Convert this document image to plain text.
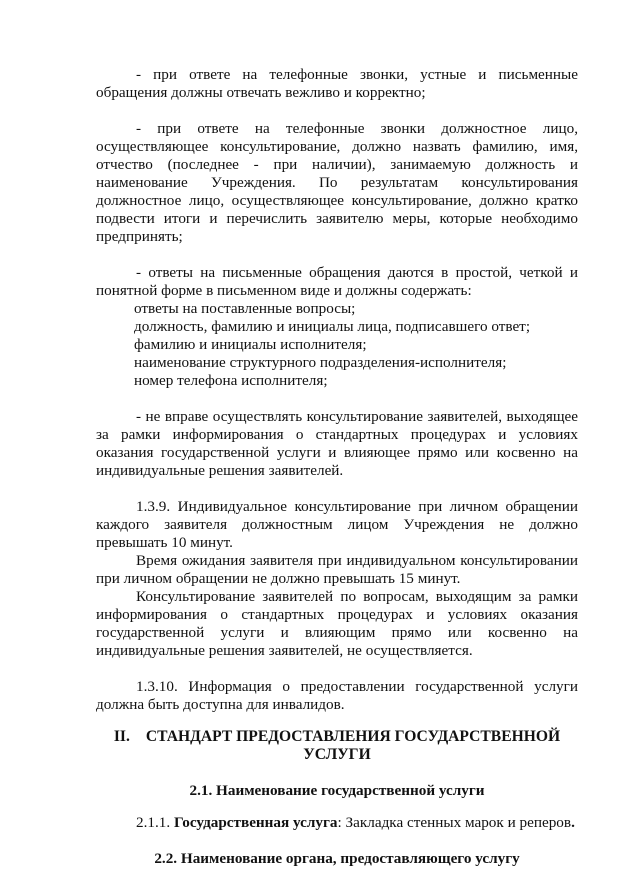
- при ответе на телефонные звонки, устные и письменные обращения должны отвечать вежливо и корректно;

- при ответе на телефонные звонки должностное лицо, осуществляющее консультирование, должно назвать фамилию, имя, отчество (последнее - при наличии), занимаемую должность и наименование Учреждения. По результатам консультирования должностное лицо, осуществляющее консультирование, должно кратко подвести итоги и перечислить заявителю меры, которые необходимо предпринять;

- ответы на письменные обращения даются в простой, четкой и понятной форме в письменном виде и должны содержать:

ответы на поставленные вопросы;

должность, фамилию и инициалы лица, подписавшего ответ;

фамилию и инициалы исполнителя;

наименование структурного подразделения-исполнителя;

номер телефона исполнителя;

- не вправе осуществлять консультирование заявителей, выходящее за рамки информирования о стандартных процедурах и условиях оказания государственной услуги и влияющее прямо или косвенно на индивидуальные решения заявителей.

1.3.9. Индивидуальное консультирование при личном обращении каждого заявителя должностным лицом Учреждения не должно превышать 10 минут.

Время ожидания заявителя при индивидуальном консультировании при личном обращении не должно превышать 15 минут.

Консультирование заявителей по вопросам, выходящим за рамки информирования о стандартных процедурах и условиях оказания государственной услуги и влияющим прямо или косвенно на индивидуальные решения заявителей, не осуществляется.

1.3.10. Информация о предоставлении государственной услуги должна быть доступна для инвалидов.

II. СТАНДАРТ ПРЕДОСТАВЛЕНИЯ ГОСУДАРСТВЕННОЙ

УСЛУГИ

2.1. Наименование государственной услуги

2.1.1. Государственная услуга: Закладка стенных марок и реперов.

2.2. Наименование органа, предоставляющего услугу
